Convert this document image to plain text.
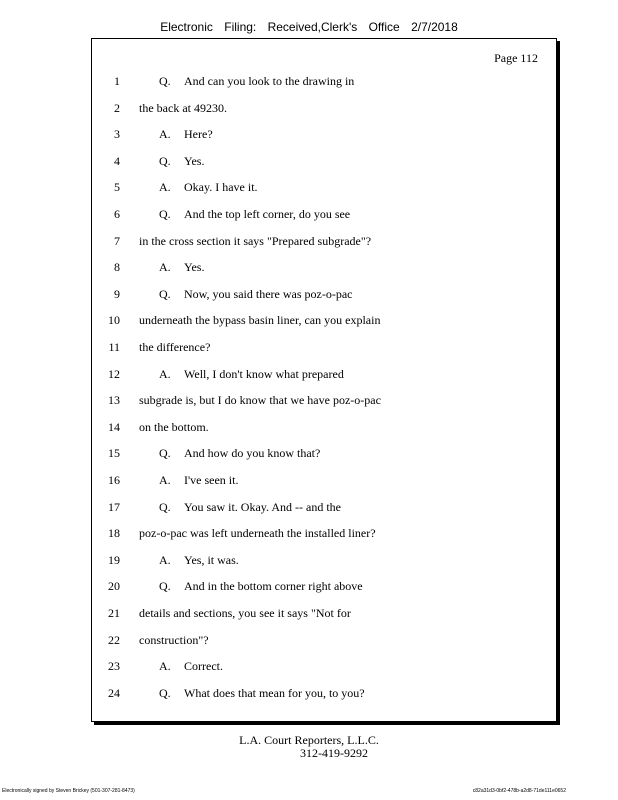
Electronic Filing: Received,Clerk's Office 2/7/2018
Page 112
1	Q. And can you look to the drawing in
2 the back at 49230.
3	A. Here?
4	Q. Yes.
5	A. Okay. I have it.
6	Q. And the top left corner, do you see
7 in the cross section it says "Prepared subgrade"?
8	A. Yes.
9	Q. Now, you said there was poz-o-pac
10 underneath the bypass basin liner, can you explain
11 the difference?
12	A. Well, I don't know what prepared
13 subgrade is, but I do know that we have poz-o-pac
14 on the bottom.
15	Q. And how do you know that?
16	A. I've seen it.
17	Q. You saw it. Okay. And -- and the
18 poz-o-pac was left underneath the installed liner?
19	A. Yes, it was.
20	Q. And in the bottom corner right above
21 details and sections, you see it says "Not for
22 construction"?
23	A. Correct.
24	Q. What does that mean for you, to you?
L.A. Court Reporters, L.L.C.
312-419-9292
Electronically signed by Steven Brickey (501-307-281-8473)	c82a31d3-0bf2-478b-a2d8-71de111e0652
